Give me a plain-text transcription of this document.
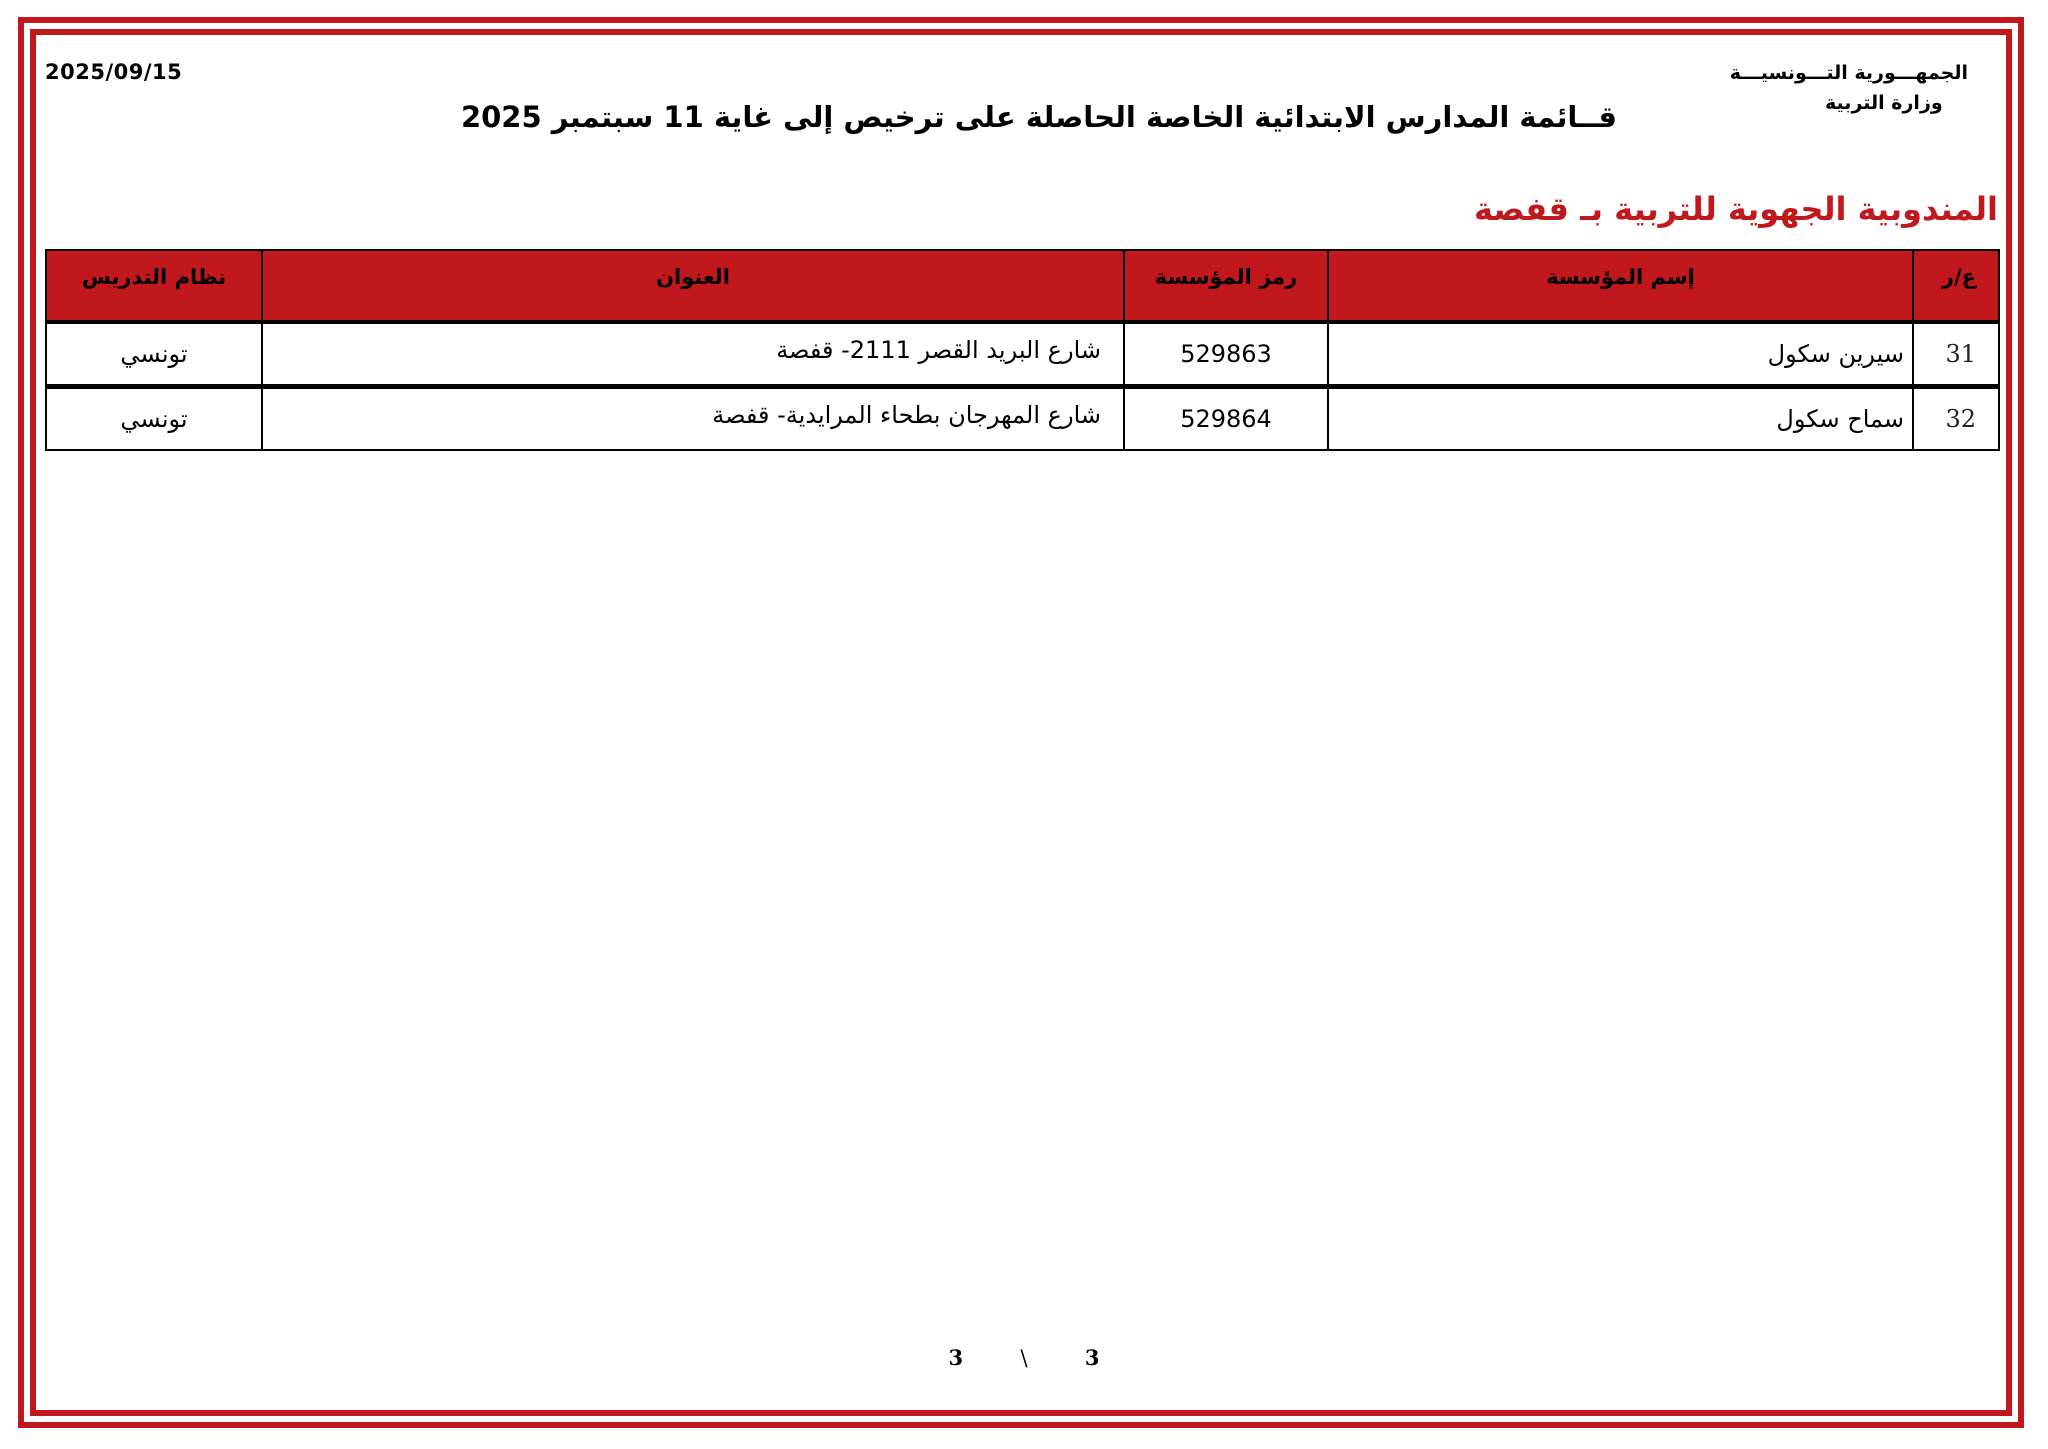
الجمهـــورية التـــونسيـــة

وزارة التربية
2025/09/15
قــائمة المدارس الابتدائية الخاصة الحاصلة على ترخيص إلى غاية 11 سبتمبر 2025
المندوبية الجهوية للتربية بـ قفصة
ع/ر	إسم المؤسسة	رمز المؤسسة	العنوان	نظام التدريس
31	سيرين سكول	529863	شارع البريد القصر 2111- قفصة	تونسي
32	سماح سكول	529864	شارع المهرجان بطحاء المرايدية- قفصة	تونسي
3	\	3
